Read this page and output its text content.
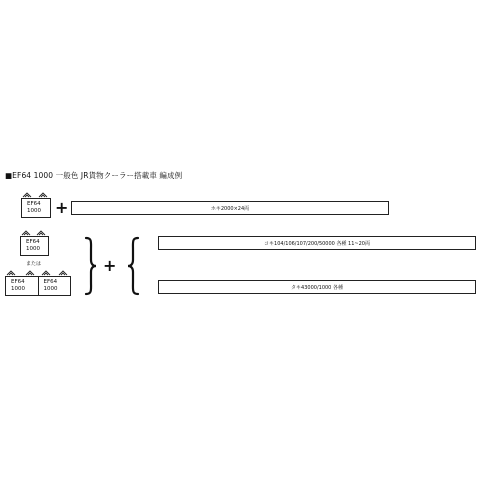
■EF64 1000 一般色 JR貨物クーラー搭載車 編成例
EF64
1000 +	ホキ2000×24両
EF64
1000
または
EF64
1000
EF64
1000
+
コキ104/106/107/200/50000 各種 11~20両
タキ43000/1000 各種
